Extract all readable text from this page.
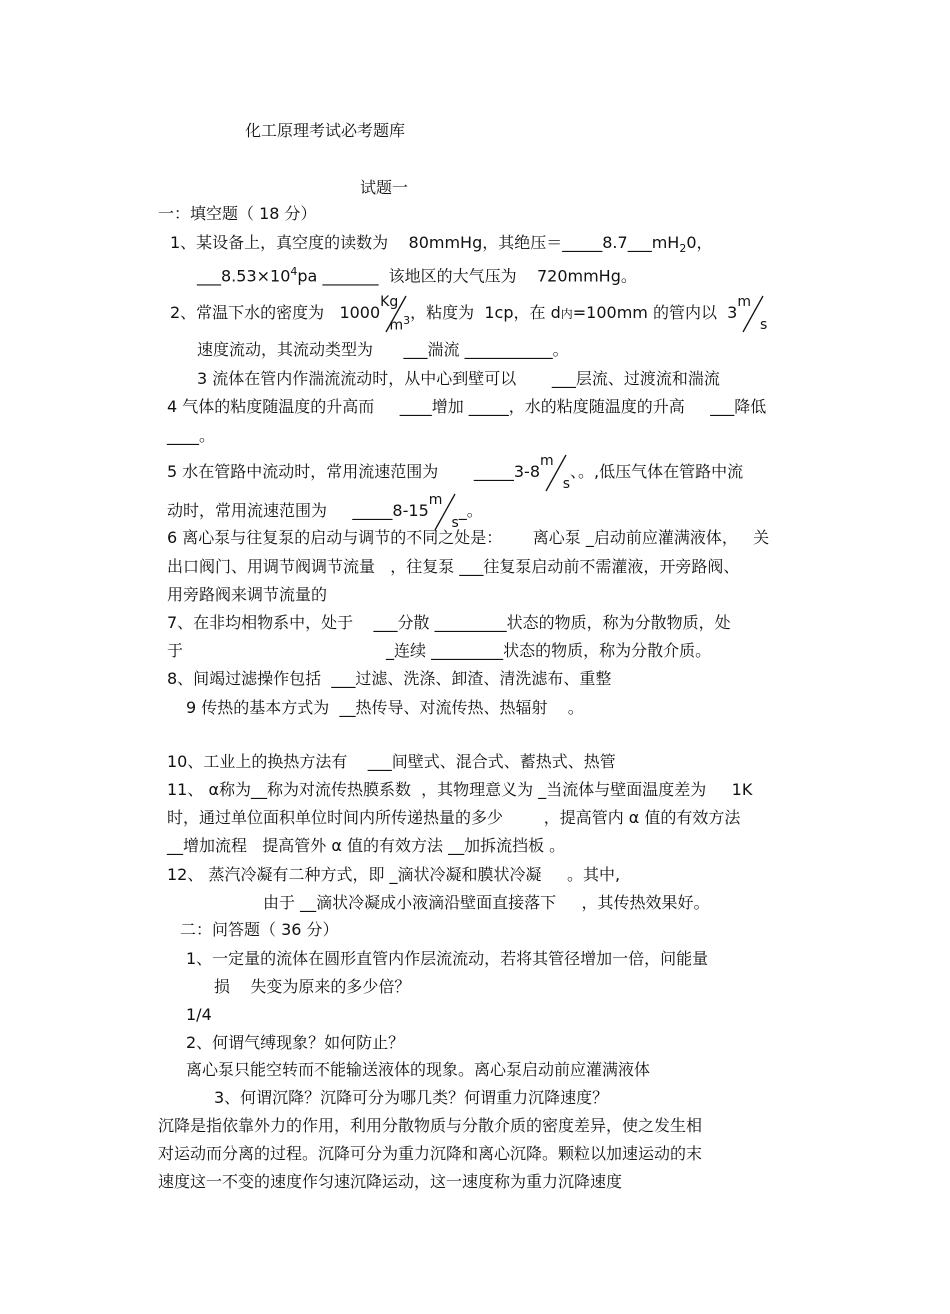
化工原理考试必考题库
试题一
一：填空题（ 18 分）
1、某设备上，真空度的读数为    80mmHg，其绝压$=\_\_\_\_\_8.7\_\_\_mH_20$，
$\_\_\_8.53\times 10^4pa$ _______  该地区的大气压为    720mmHg。
2、常温下水的密度为   1000
Kg
$m^3$ ，粘度为  1cp，在 d内=100mm 的管内以  3
m
s
速度流动，其流动类型为      ___湍流 ___________。
3 流体在管内作湍流流动时，从中心到壁可以       ___层流、过渡流和湍流
4 气体的粘度随温度的升高而     ____增加 _____，水的粘度随温度的升高     ___降低
____。
5 水在管路中流动时，常用流速范围为       _____3-8
m
s
、。,低压气体在管路中流
动时，常用流速范围为     _____8-15
m
s
_。
6 离心泵与往复泵的启动与调节的不同之处是：      离心泵 _启动前应灌满液体，   关
出口阀门、用调节阀调节流量   ，往复泵 ___往复泵启动前不需灌液，开旁路阀、
用旁路阀来调节流量的
7、在非均相物系中，处于    ___分散 _________状态的物质，称为分散物质，处
于	_连续 _________状态的物质，称为分散介质。
8、间竭过滤操作包括  ___过滤、洗涤、卸渣、清洗滤布、重整
9 传热的基本方式为  __热传导、对流传热、热辐射    。
10、工业上的换热方法有    ___间壁式、混合式、蓄热式、热管
11、 α称为__称为对流传热膜系数  ，其物理意义为 _当流体与壁面温度差为     1K
时，通过单位面积单位时间内所传递热量的多少        ，提高管内 α 值的有效方法
__增加流程   提高管外 α 值的有效方法 __加拆流挡板 。
12、 蒸汽冷凝有二种方式，即 _滴状冷凝和膜状冷凝     。其中,
由于 __滴状冷凝成小液滴沿壁面直接落下     ，其传热效果好。
二：问答题（ 36 分）
1、一定量的流体在圆形直管内作层流流动，若将其管径增加一倍，问能量
损    失变为原来的多少倍？
1/4
2、何谓气缚现象？如何防止？
离心泵只能空转而不能输送液体的现象。离心泵启动前应灌满液体
3、何谓沉降？沉降可分为哪几类？何谓重力沉降速度？
沉降是指依靠外力的作用，利用分散物质与分散介质的密度差异，使之发生相
对运动而分离的过程。沉降可分为重力沉降和离心沉降。颗粒以加速运动的末
速度这一不变的速度作匀速沉降运动，这一速度称为重力沉降速度
